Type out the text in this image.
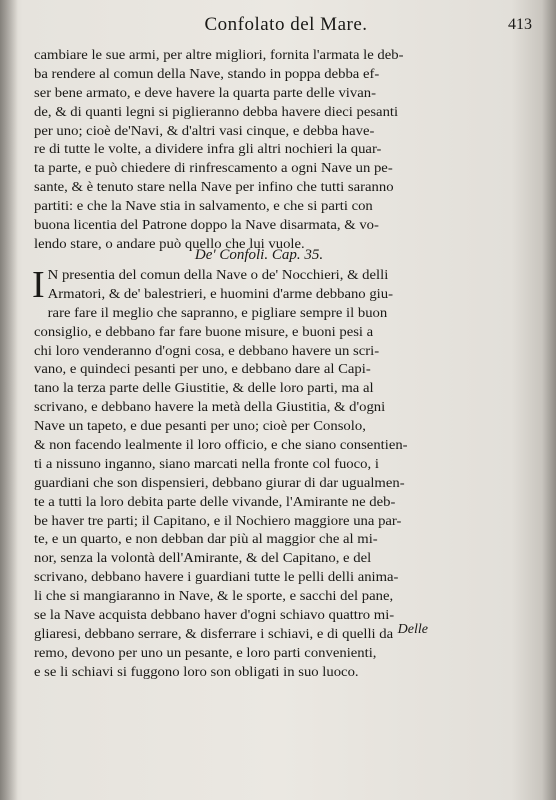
Confolato del Mare.	413
cambiare le sue armi, per altre migliori, fornita l'armata le deb-
ba rendere al comun della Nave, stando in poppa debba ef-
ser bene armato, e deve havere la quarta parte delle vivan-
de, & di quanti legni si piglieranno debba havere dieci pesanti
per uno; cioè de'Navi, & d'altri vasi cinque, e debba have-
re di tutte le volte, a dividere infra gli altri nochieri la quar-
ta parte, e può chiedere di rinfrescamento a ogni Nave un pe-
sante, & è tenuto stare nella Nave per infino che tutti saranno
partiti: e che la Nave stia in salvamento, e che si parti con
buona licentia del Patrone doppo la Nave disarmata, & vo-
lendo stare, o andare può quello che lui vuole.
De' Confoli. Cap. 35.
I N presentia del comun della Nave o de' Nocchieri, & delli
Armatori, & de' balestrieri, e huomini d'arme debbano giu-
rare fare il meglio che sapranno, e pigliare sempre il buon
consiglio, e debbano far fare buone misure, e buoni pesi a
chi loro venderanno d'ogni cosa, e debbano havere un scri-
vano, e quindeci pesanti per uno, e debbano dare al Capi-
tano la terza parte delle Giustitie, & delle loro parti, ma al
scrivano, e debbano havere la metà della Giustitia, & d'ogni
Nave un tapeto, e due pesanti per uno; cioè per Consolo,
& non facendo lealmente il loro officio, e che siano consentien-
ti a nissuno inganno, siano marcati nella fronte col fuoco, i
guardiani che son dispensieri, debbano giurar di dar ugualmen-
te a tutti la loro debita parte delle vivande, l'Amirante ne deb-
be haver tre parti; il Capitano, e il Nochiero maggiore una par-
te, e un quarto, e non debban dar più al maggior che al mi-
nor, senza la volontà dell'Amirante, & del Capitano, e del
scrivano, debbano havere i guardiani tutte le pelli delli anima-
li che si mangiaranno in Nave, & le sporte, e sacchi del pane,
se la Nave acquista debbano haver d'ogni schiavo quattro mi-
gliaresi, debbano serrare, & disferrare i schiavi, e di quelli da
remo, devono per uno un pesante, e loro parti convenienti,
e se li schiavi si fuggono loro son obligati in suo luoco.
Delle
